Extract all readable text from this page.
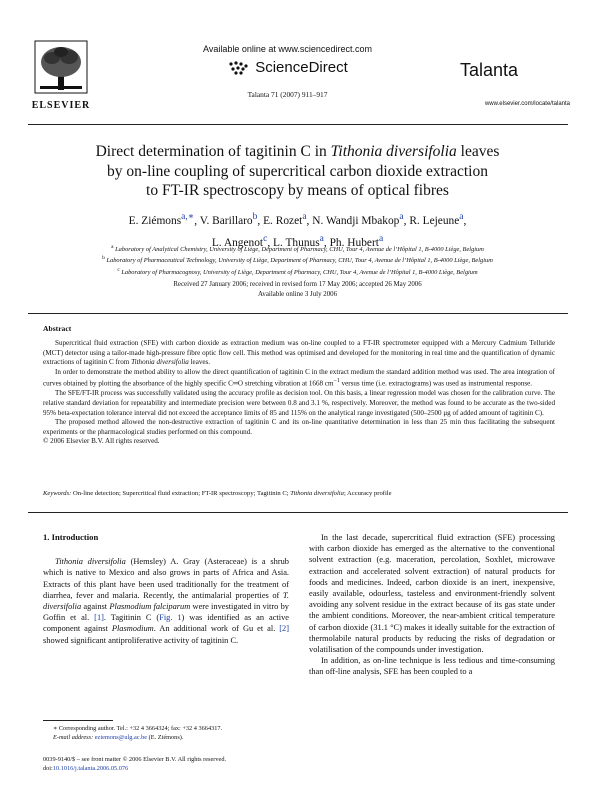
ELSEVIER
Available online at www.sciencedirect.com
ScienceDirect
Talanta 71 (2007) 911–917
Talanta
www.elsevier.com/locate/talanta
Direct determination of tagitinin C in Tithonia diversifolia leaves
by on-line coupling of supercritical carbon dioxide extraction
to FT-IR spectroscopy by means of optical fibres
E. Ziémons$^{a,∗}$, V. Barillaro$^b$, E. Rozet$^a$, N. Wandji Mbakop$^a$, R. Lejeune$^a$,
L. Angenot$^c$, L. Thunus$^a$, Ph. Hubert$^a$
$^a$ Laboratory of Analytical Chemistry, University of Liège, Department of Pharmacy, CHU, Tour 4, Avenue de l’Hôpital 1, B-4000 Liège, Belgium
$^b$ Laboratory of Pharmaceutical Technology, University of Liège, Department of Pharmacy, CHU, Tour 4, Avenue de l’Hôpital 1, B-4000 Liège, Belgium
$^c$ Laboratory of Pharmacognosy, University of Liège, Department of Pharmacy, CHU, Tour 4, Avenue de l’Hôpital 1, B-4000 Liège, Belgium
Received 27 January 2006; received in revised form 17 May 2006; accepted 26 May 2006
Available online 3 July 2006
Abstract

Supercritical fluid extraction (SFE) with carbon dioxide as extraction medium was on-line coupled to a FT-IR spectrometer equipped with a Mercury Cadmium Telluride (MCT) detector using a tailor-made high-pressure fibre optic flow cell. This method was optimised and developed for the monitoring in real time and the quantification of dynamic extractions of tagitinin C from Tithonia diversifolia leaves.

In order to demonstrate the method ability to allow the direct quantification of tagitinin C in the extract medium the standard addition method was used. The area integration of curves obtained by plotting the absorbance of the highly specific C═O stretching vibration at 1668 $cm^{-1}$ versus time (i.e. extractograms) was used as instrumental response.

The SFE/FT-IR process was successfully validated using the accuracy profile as decision tool. On this basis, a linear regression model was chosen for the calibration curve. The relative standard deviation for repeatability and intermediate precision were between 0.8 and 3.1 %, respectively. Moreover, the method was found to be accurate as the two-sided 95% beta-expectation tolerance interval did not exceed the acceptance limits of 85 and 115% on the analytical range investigated (500–2500 μg of added amount of tagitinin C).

The proposed method allowed the non-destructive extraction of tagitinin C and its on-line quantitative determination in less than 25 min thus facilitating the subsequent experiments or the pharmacological studies performed on this compound.

© 2006 Elsevier B.V. All rights reserved.

Keywords: On-line detection; Supercritical fluid extraction; FT-IR spectroscopy; Tagitinin C; Tithonia diversifolia; Accuracy profile
1. Introduction

Tithonia diversifolia (Hemsley) A. Gray (Asteraceae) is a shrub which is native to Mexico and also grows in parts of Africa and Asia. Extracts of this plant have been used traditionally for the treatment of diarrhea, fever and malaria. Recently, the antimalarial properties of T. diversifolia against Plasmodium falciparum were investigated in vitro by Goffin et al. [1]. Tagitinin C (Fig. 1) was identified as an active component against Plasmodium. An additional work of Gu et al. [2] showed significant antiproliferative activity of tagitinin C.

In the last decade, supercritical fluid extraction (SFE) processing with carbon dioxide has emerged as the alternative to the conventional solvent extraction (e.g. maceration, percolation, Soxhlet, microwave extraction and accelerated solvent extraction) of natural products for foods and medicines. Indeed, carbon dioxide is an inert, inexpensive, easily available, odourless, tasteless and environment-friendly solvent avoiding any solvent residue in the extract because of its gas state under the ambient conditions. Moreover, the near-ambient critical temperature of carbon dioxide (31.1 °C) makes it ideally suitable for the extraction of thermolabile natural products by reducing the risks of degradation or volatilisation of the compounds under investigation.

In addition, as on-line technique is less tedious and time-consuming than off-line analysis, SFE has been coupled to a

∗ Corresponding author. Tel.: +32 4 3664324; fax: +32 4 3664317.
E-mail address: eziemons@ulg.ac.be (E. Ziémons).
0039-9140/$ – see front matter © 2006 Elsevier B.V. All rights reserved.
doi:10.1016/j.talanta.2006.05.076
